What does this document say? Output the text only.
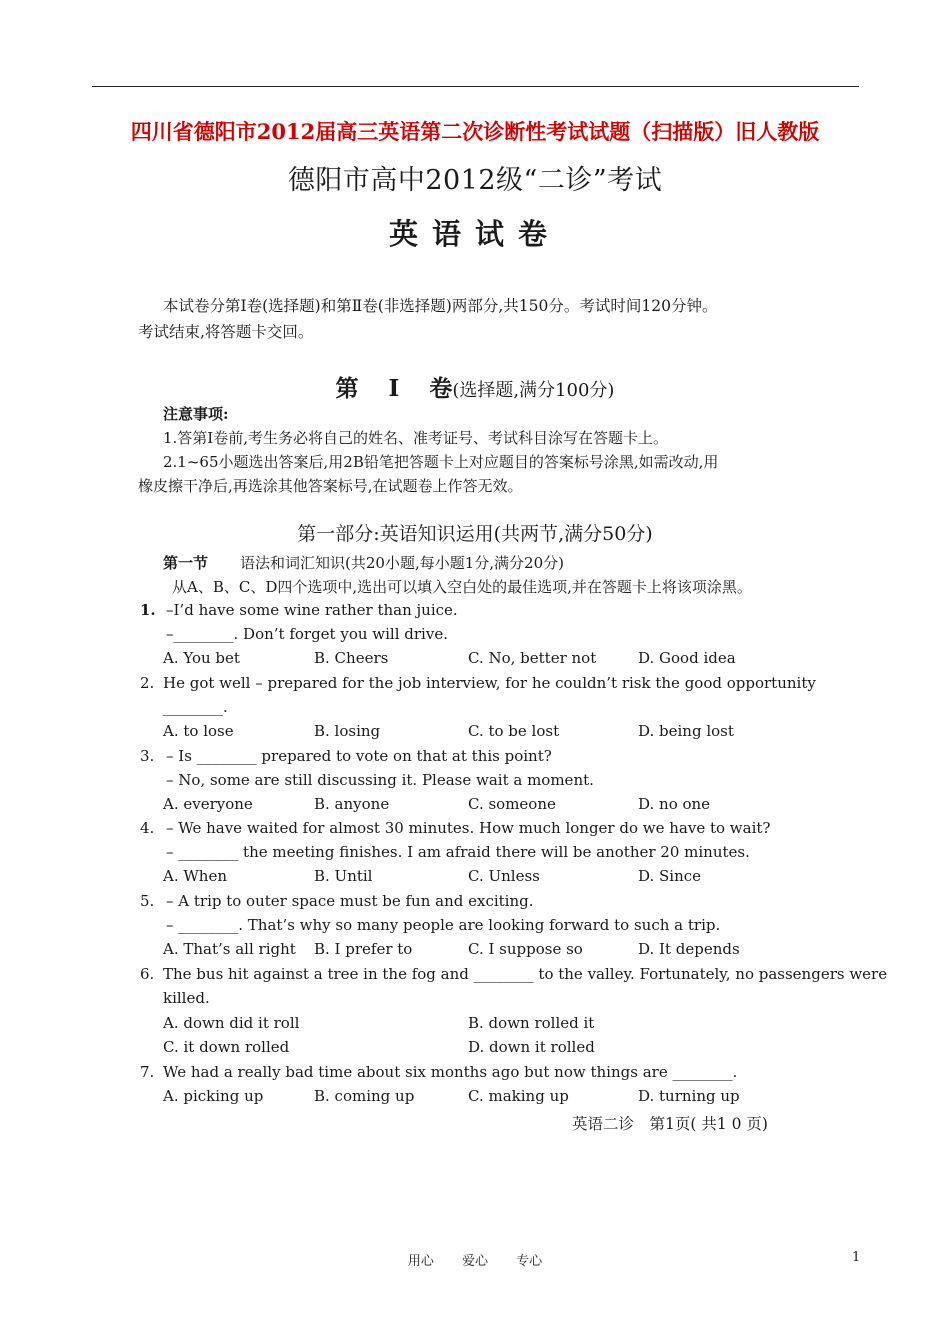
四川省德阳市2012届高三英语第二次诊断性考试试题（扫描版）旧人教版
德阳市高中2012级“二诊”考试
英语试卷
本试卷分第Ⅰ卷(选择题)和第Ⅱ卷(非选择题)两部分,共150分。考试时间120分钟。
考试结束,将答题卡交回。
第 Ⅰ 卷(选择题,满分100分)
注意事项:
1.答第Ⅰ卷前,考生务必将自己的姓名、准考证号、考试科目涂写在答题卡上。
2.1~65小题选出答案后,用2B铅笔把答题卡上对应题目的答案标号涂黑,如需改动,用
橡皮擦干净后,再选涂其他答案标号,在试题卷上作答无效。
第一部分:英语知识运用(共两节,满分50分)
第一节 语法和词汇知识(共20小题,每小题1分,满分20分)
从A、B、C、D四个选项中,选出可以填入空白处的最佳选项,并在答题卡上将该项涂黑。
1. –I’d have some wine rather than juice.
–________. Don’t forget you will drive.
A. You bet	B. Cheers	C. No, better not	D. Good idea
2. He got well – prepared for the job interview, for he couldn’t risk the good opportunity
________.
A. to lose	B. losing	C. to be lost	D. being lost
3. – Is ________ prepared to vote on that at this point?
– No, some are still discussing it. Please wait a moment.
A. everyone	B. anyone	C. someone	D. no one
4. – We have waited for almost 30 minutes. How much longer do we have to wait?
– ________ the meeting finishes. I am afraid there will be another 20 minutes.
A. When	B. Until	C. Unless	D. Since
5. – A trip to outer space must be fun and exciting.
– ________. That’s why so many people are looking forward to such a trip.
A. That’s all right B. I prefer to	C. I suppose so	D. It depends
6. The bus hit against a tree in the fog and ________ to the valley. Fortunately, no passengers were
killed.
A. down did it roll	B. down rolled it
C. it down rolled	D. down it rolled
7. We had a really bad time about six months ago but now things are ________.
A. picking up	B. coming up	C. making up	D. turning up
英语二诊　第1页( 共1 0 页)
用心 爱心 专心	1
